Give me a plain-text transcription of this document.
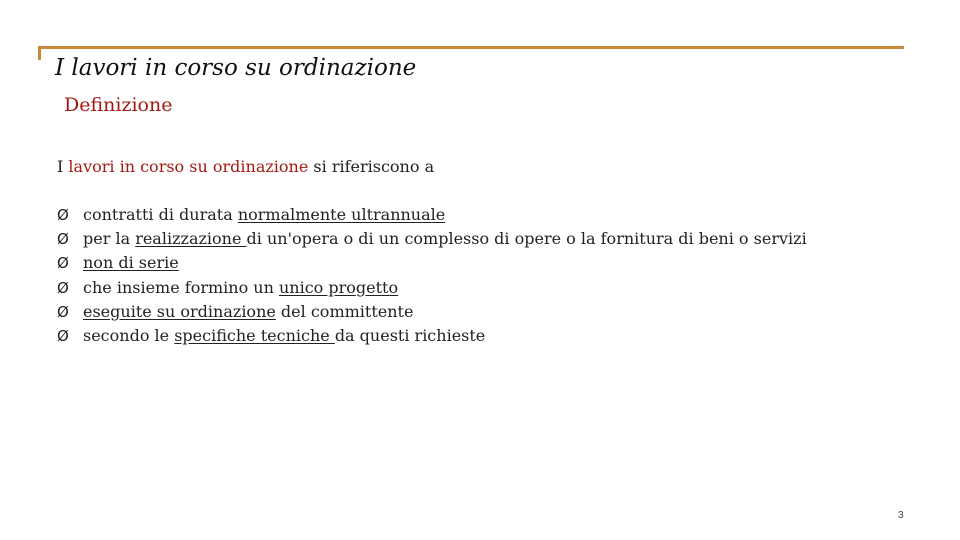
I lavori in corso su ordinazione
Definizione
I lavori in corso su ordinazione si riferiscono a
Ø contratti di durata normalmente ultrannuale
Ø per la realizzazione di un'opera o di un complesso di opere o la fornitura di beni o servizi
Ø non di serie
Ø che insieme formino un unico progetto
Ø eseguite su ordinazione del committente
Ø secondo le specifiche tecniche da questi richieste
3
